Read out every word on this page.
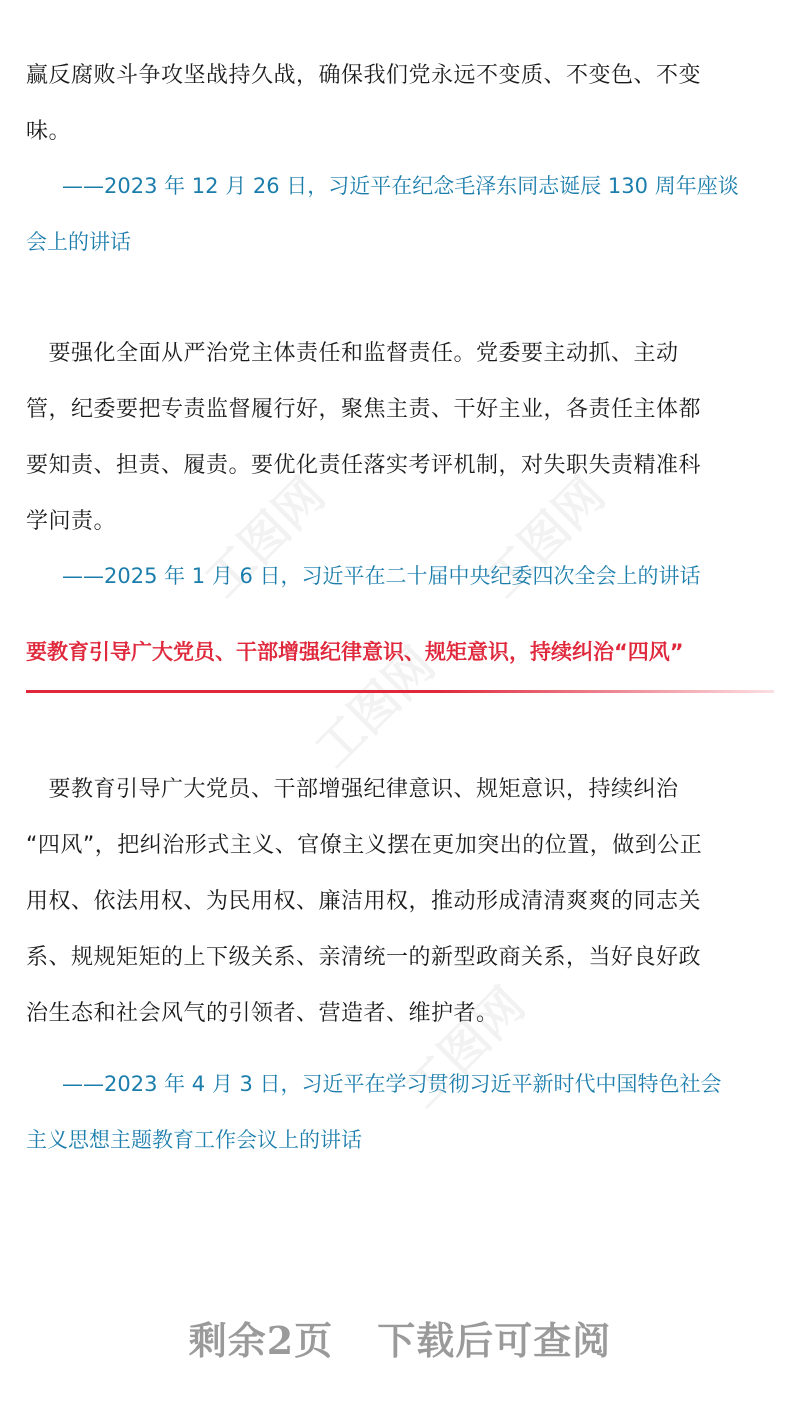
工图网	工图网
工图网
工图网
赢反腐败斗争攻坚战持久战，确保我们党永远不变质、不变色、不变
味。
——2023 年 12 月 26 日，习近平在纪念毛泽东同志诞辰 130 周年座谈
会上的讲话
　要强化全面从严治党主体责任和监督责任。党委要主动抓、主动
管，纪委要把专责监督履行好，聚焦主责、干好主业，各责任主体都
要知责、担责、履责。要优化责任落实考评机制，对失职失责精准科
学问责。
——2025 年 1 月 6 日，习近平在二十届中央纪委四次全会上的讲话
要教育引导广大党员、干部增强纪律意识、规矩意识，持续纠治“四风”
　要教育引导广大党员、干部增强纪律意识、规矩意识，持续纠治
“四风”，把纠治形式主义、官僚主义摆在更加突出的位置，做到公正
用权、依法用权、为民用权、廉洁用权，推动形成清清爽爽的同志关
系、规规矩矩的上下级关系、亲清统一的新型政商关系，当好良好政
治生态和社会风气的引领者、营造者、维护者。
——2023 年 4 月 3 日，习近平在学习贯彻习近平新时代中国特色社会
主义思想主题教育工作会议上的讲话
剩余2页 下载后可查阅
